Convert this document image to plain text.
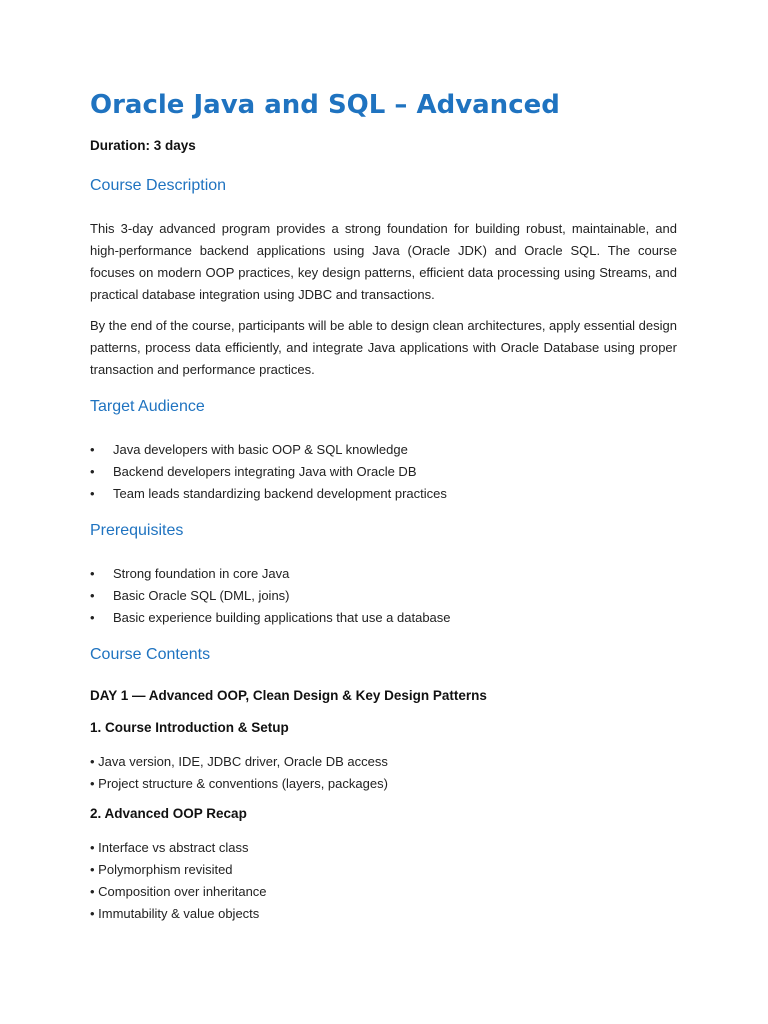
Oracle Java and SQL – Advanced
Duration: 3 days
Course Description

This 3-day advanced program provides a strong foundation for building robust, maintainable, and high-performance backend applications using Java (Oracle JDK) and Oracle SQL. The course focuses on modern OOP practices, key design patterns, efficient data processing using Streams, and practical database integration using JDBC and transactions.

By the end of the course, participants will be able to design clean architectures, apply essential design patterns, process data efficiently, and integrate Java applications with Oracle Database using proper transaction and performance practices.

Target Audience
• Java developers with basic OOP & SQL knowledge
• Backend developers integrating Java with Oracle DB
• Team leads standardizing backend development practices
Prerequisites
• Strong foundation in core Java
• Basic Oracle SQL (DML, joins)
• Basic experience building applications that use a database
Course Contents
DAY 1 — Advanced OOP, Clean Design & Key Design Patterns
1. Course Introduction & Setup
• Java version, IDE, JDBC driver, Oracle DB access
• Project structure & conventions (layers, packages)
2. Advanced OOP Recap
• Interface vs abstract class
• Polymorphism revisited
• Composition over inheritance
• Immutability & value objects
